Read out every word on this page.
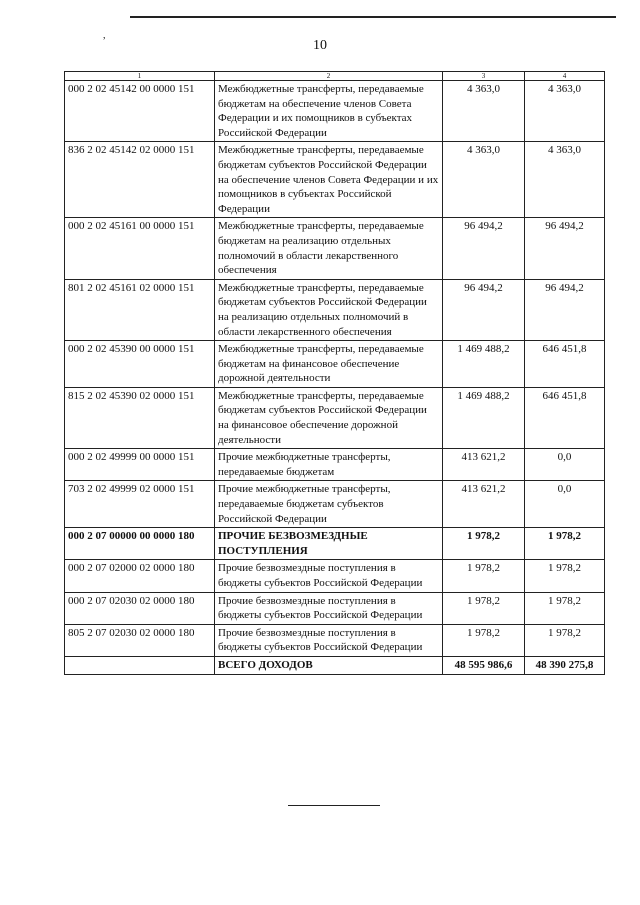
,
10
1	2	3	4
000 2 02 45142 00 0000 151	Межбюджетные трансферты, передаваемые бюджетам на обеспечение членов Совета Федерации и их помощников в субъектах Российской Федерации	4 363,0	4 363,0
836 2 02 45142 02 0000 151	Межбюджетные трансферты, передаваемые бюджетам субъектов Российской Федерации на обеспечение членов Совета Федерации и их помощников в субъектах Российской Федерации	4 363,0	4 363,0
000 2 02 45161 00 0000 151	Межбюджетные трансферты, передаваемые бюджетам на реализацию отдельных полномочий в области лекарственного обеспечения	96 494,2	96 494,2
801 2 02 45161 02 0000 151	Межбюджетные трансферты, передаваемые бюджетам субъектов Российской Федерации на реализацию отдельных полномочий в области лекарственного обеспечения	96 494,2	96 494,2
000 2 02 45390 00 0000 151	Межбюджетные трансферты, передаваемые бюджетам на финансовое обеспечение дорожной деятельности	1 469 488,2	646 451,8
815 2 02 45390 02 0000 151	Межбюджетные трансферты, передаваемые бюджетам субъектов Российской Федерации на финансовое обеспечение дорожной деятельности	1 469 488,2	646 451,8
000 2 02 49999 00 0000 151	Прочие межбюджетные трансферты, передаваемые бюджетам	413 621,2	0,0
703 2 02 49999 02 0000 151	Прочие межбюджетные трансферты, передаваемые бюджетам субъектов Российской Федерации	413 621,2	0,0
000 2 07 00000 00 0000 180	ПРОЧИЕ БЕЗВОЗМЕЗДНЫЕ ПОСТУПЛЕНИЯ	1 978,2	1 978,2
000 2 07 02000 02 0000 180	Прочие безвозмездные поступления в бюджеты субъектов Российской Федерации	1 978,2	1 978,2
000 2 07 02030 02 0000 180	Прочие безвозмездные поступления в бюджеты субъектов Российской Федерации	1 978,2	1 978,2
805 2 07 02030 02 0000 180	Прочие безвозмездные поступления в бюджеты субъектов Российской Федерации	1 978,2	1 978,2
	ВСЕГО ДОХОДОВ	48 595 986,6	48 390 275,8
